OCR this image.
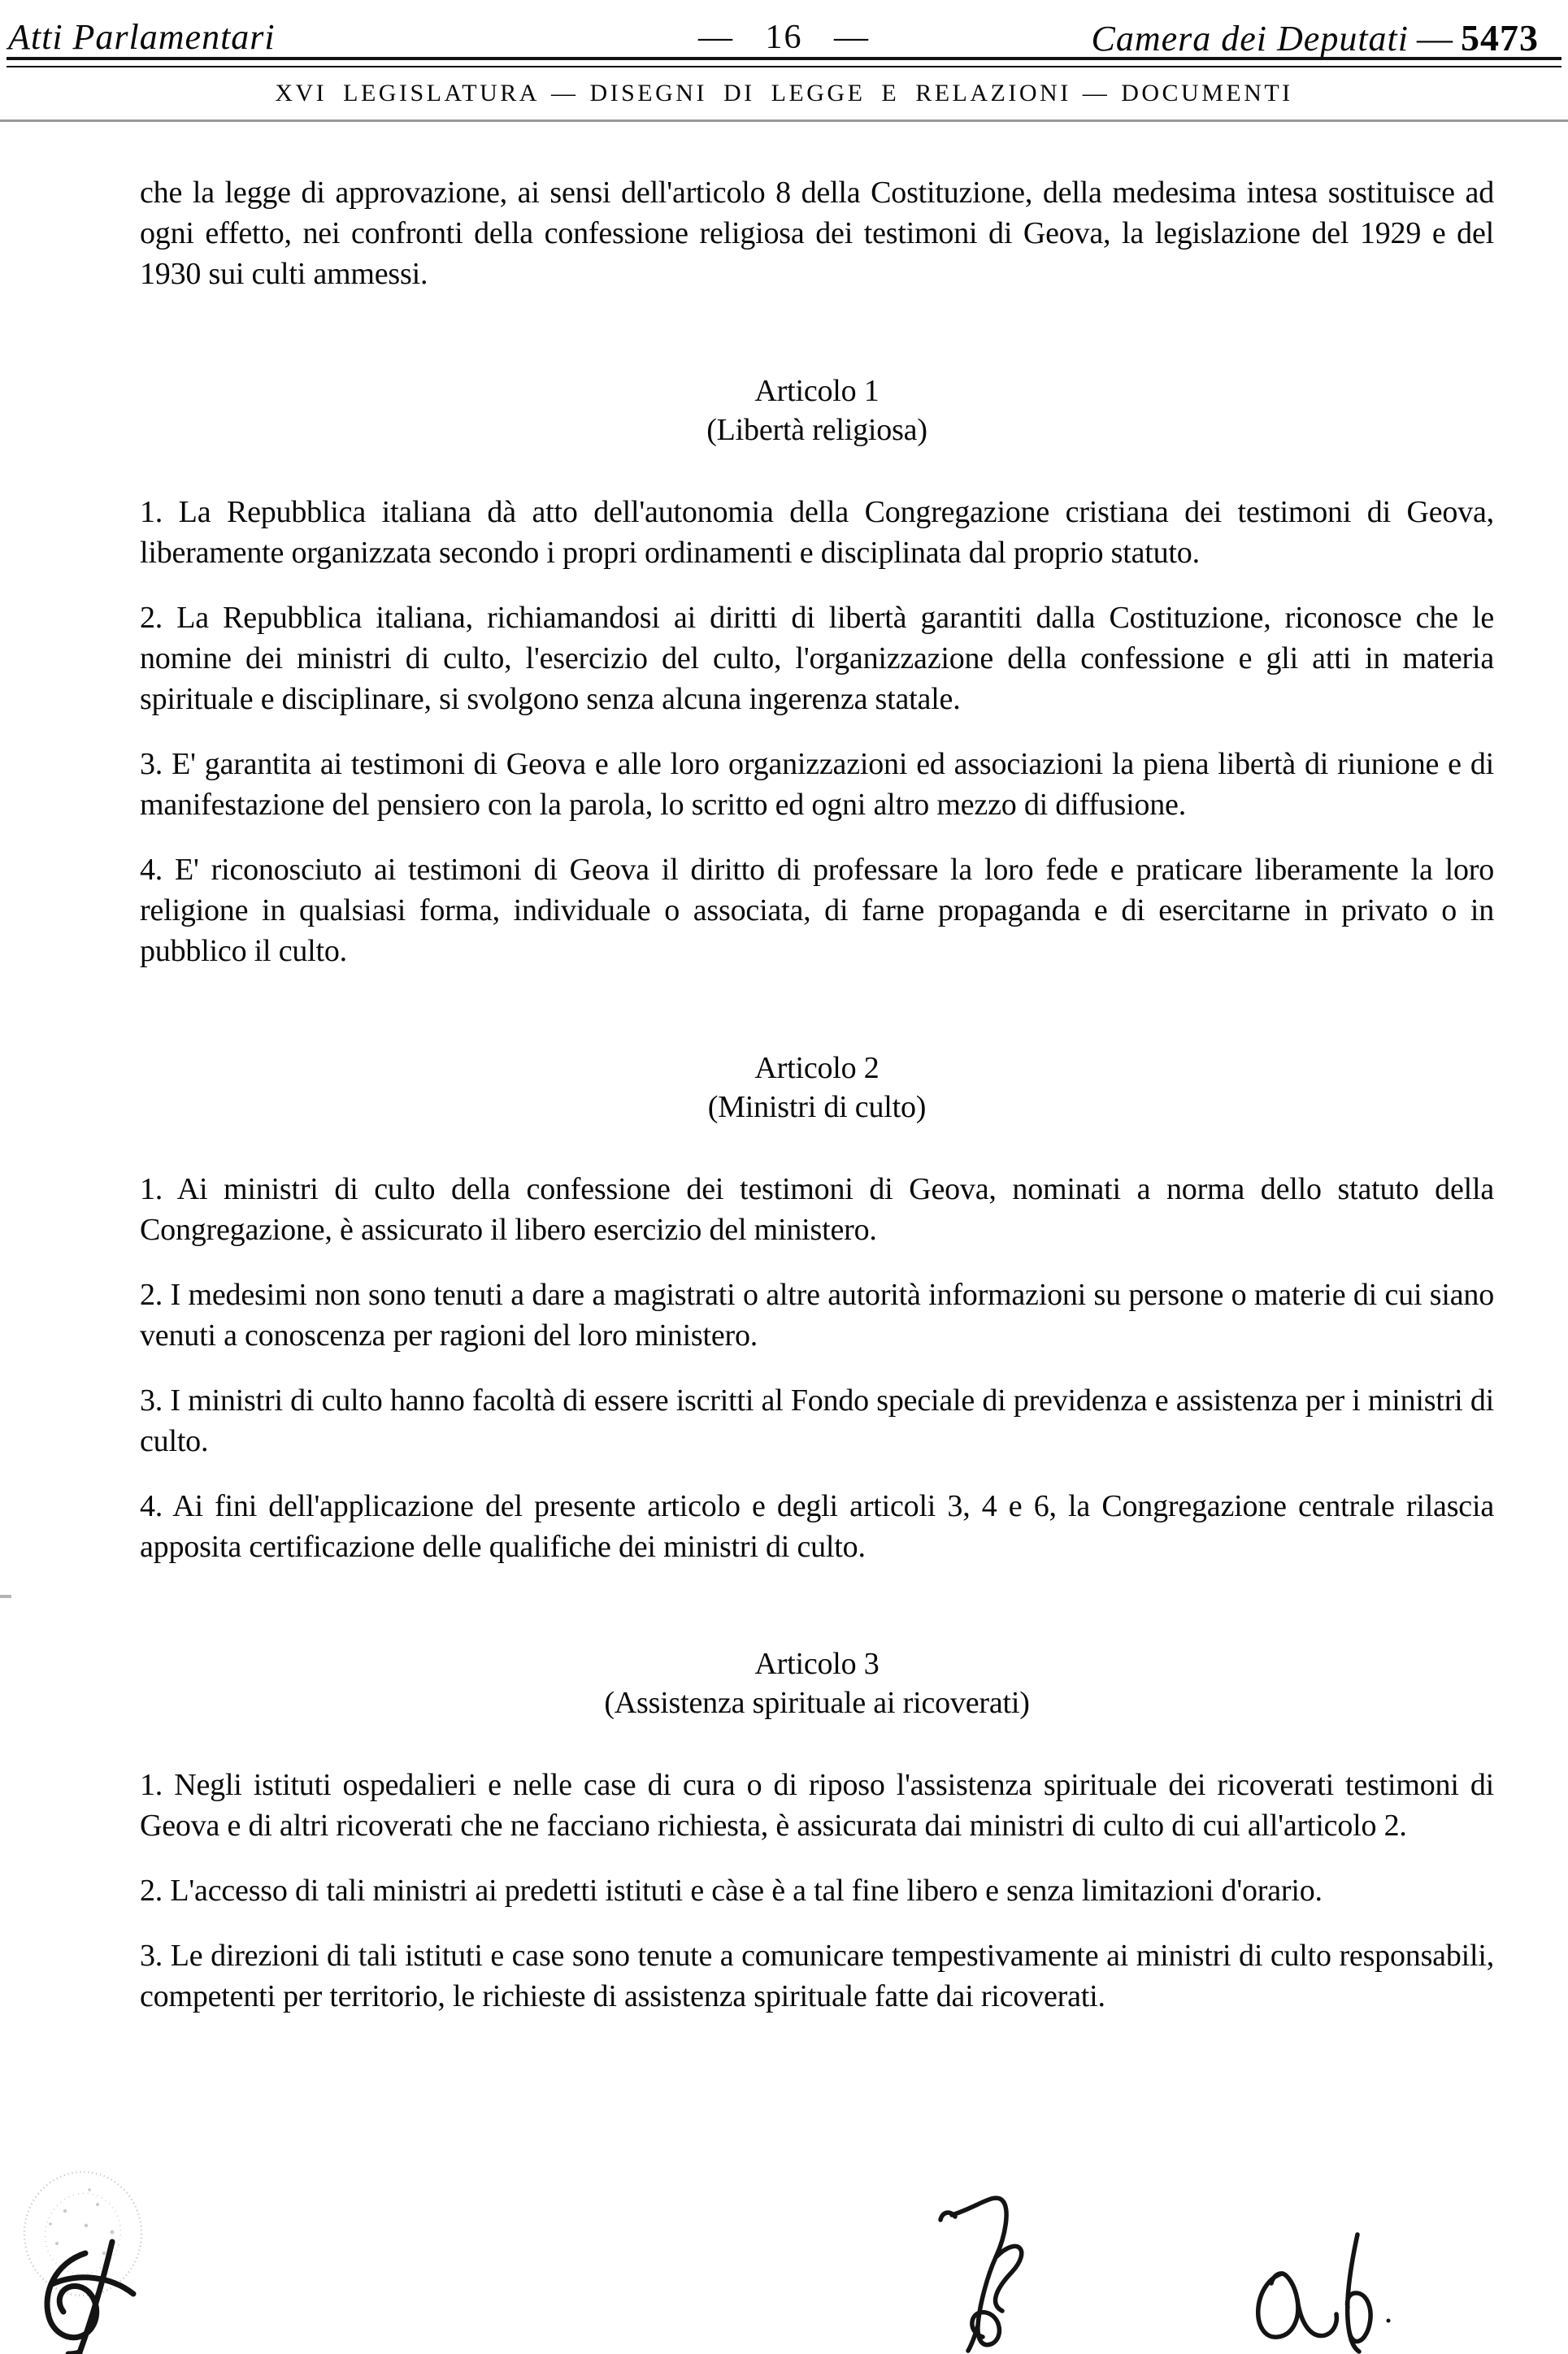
Atti Parlamentari	— 16 —	Camera dei Deputati — 5473
XVI LEGISLATURA — DISEGNI DI LEGGE E RELAZIONI — DOCUMENTI

che la legge di approvazione, ai sensi dell'articolo 8 della Costituzione, della medesima intesa sostituisce ad ogni effetto, nei confronti della confessione religiosa dei testimoni di Geova, la legislazione del 1929 e del 1930 sui culti ammessi.

Articolo 1
(Libertà religiosa)

1. La Repubblica italiana dà atto dell'autonomia della Congregazione cristiana dei testimoni di Geova, liberamente organizzata secondo i propri ordinamenti e disciplinata dal proprio statuto.

2. La Repubblica italiana, richiamandosi ai diritti di libertà garantiti dalla Costituzione, riconosce che le nomine dei ministri di culto, l'esercizio del culto, l'organizzazione della confessione e gli atti in materia spirituale e disciplinare, si svolgono senza alcuna ingerenza statale.

3. E' garantita ai testimoni di Geova e alle loro organizzazioni ed associazioni la piena libertà di riunione e di manifestazione del pensiero con la parola, lo scritto ed ogni altro mezzo di diffusione.

4. E' riconosciuto ai testimoni di Geova il diritto di professare la loro fede e praticare liberamente la loro religione in qualsiasi forma, individuale o associata, di farne propaganda e di esercitarne in privato o in pubblico il culto.

Articolo 2
(Ministri di culto)

1. Ai ministri di culto della confessione dei testimoni di Geova, nominati a norma dello statuto della Congregazione, è assicurato il libero esercizio del ministero.

2. I medesimi non sono tenuti a dare a magistrati o altre autorità informazioni su persone o materie di cui siano venuti a conoscenza per ragioni del loro ministero.

3. I ministri di culto hanno facoltà di essere iscritti al Fondo speciale di previdenza e assistenza per i ministri di culto.

4. Ai fini dell'applicazione del presente articolo e degli articoli 3, 4 e 6, la Congregazione centrale rilascia apposita certificazione delle qualifiche dei ministri di culto.

Articolo 3
(Assistenza spirituale ai ricoverati)

1. Negli istituti ospedalieri e nelle case di cura o di riposo l'assistenza spirituale dei ricoverati testimoni di Geova e di altri ricoverati che ne facciano richiesta, è assicurata dai ministri di culto di cui all'articolo 2.

2. L'accesso di tali ministri ai predetti istituti e càse è a tal fine libero e senza limitazioni d'orario.

3. Le direzioni di tali istituti e case sono tenute a comunicare tempestivamente ai ministri di culto responsabili, competenti per territorio, le richieste di assistenza spirituale fatte dai ricoverati.
